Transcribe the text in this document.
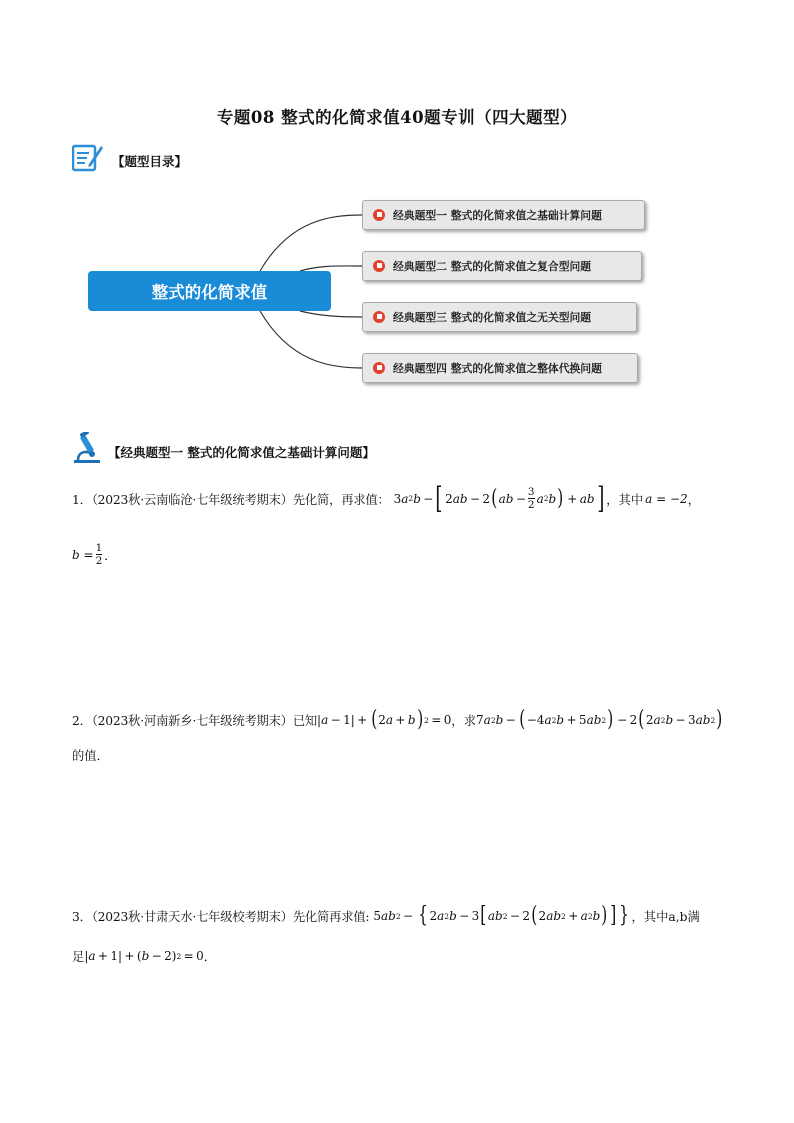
专题08 整式的化简求值40题专训（四大题型）
【题型目录】
整式的化简求值
经典题型一 整式的化简求值之基础计算问题
经典题型二 整式的化简求值之复合型问题
经典题型三 整式的化简求值之无关型问题
经典题型四 整式的化简求值之整体代换问题
【经典题型一 整式的化简求值之基础计算问题】
1．（2023秋·云南临沧·七年级统考期末）先化简，再求值： 3 a 2 b  − [ 2 ab  − 2 ( ab  − $\frac{3}{2}$ a 2 b )  +  ab ] ，其中 a = −2 ，
$b = \frac{1}{2}$ ．
2．（2023秋·河南新乡·七年级统考期末）已知 | a  − 1| +  ( 2 a  +  b ) 2  = 0 ，求 7 a 2 b  −  ( −4 a 2 b  + 5 ab 2 )  − 2 ( 2 a 2 b  − 3 ab 2 )
的值．
3．（2023秋·甘肃天水·七年级校考期末）先化简再求值: 5 ab 2  −  { 2 a 2 b  − 3 [ ab 2  − 2 ( 2 ab 2  +  a 2 b ) ] } ，其中a,b满
足 | a  + 1| + ( b  − 2) 2  = 0 ．
